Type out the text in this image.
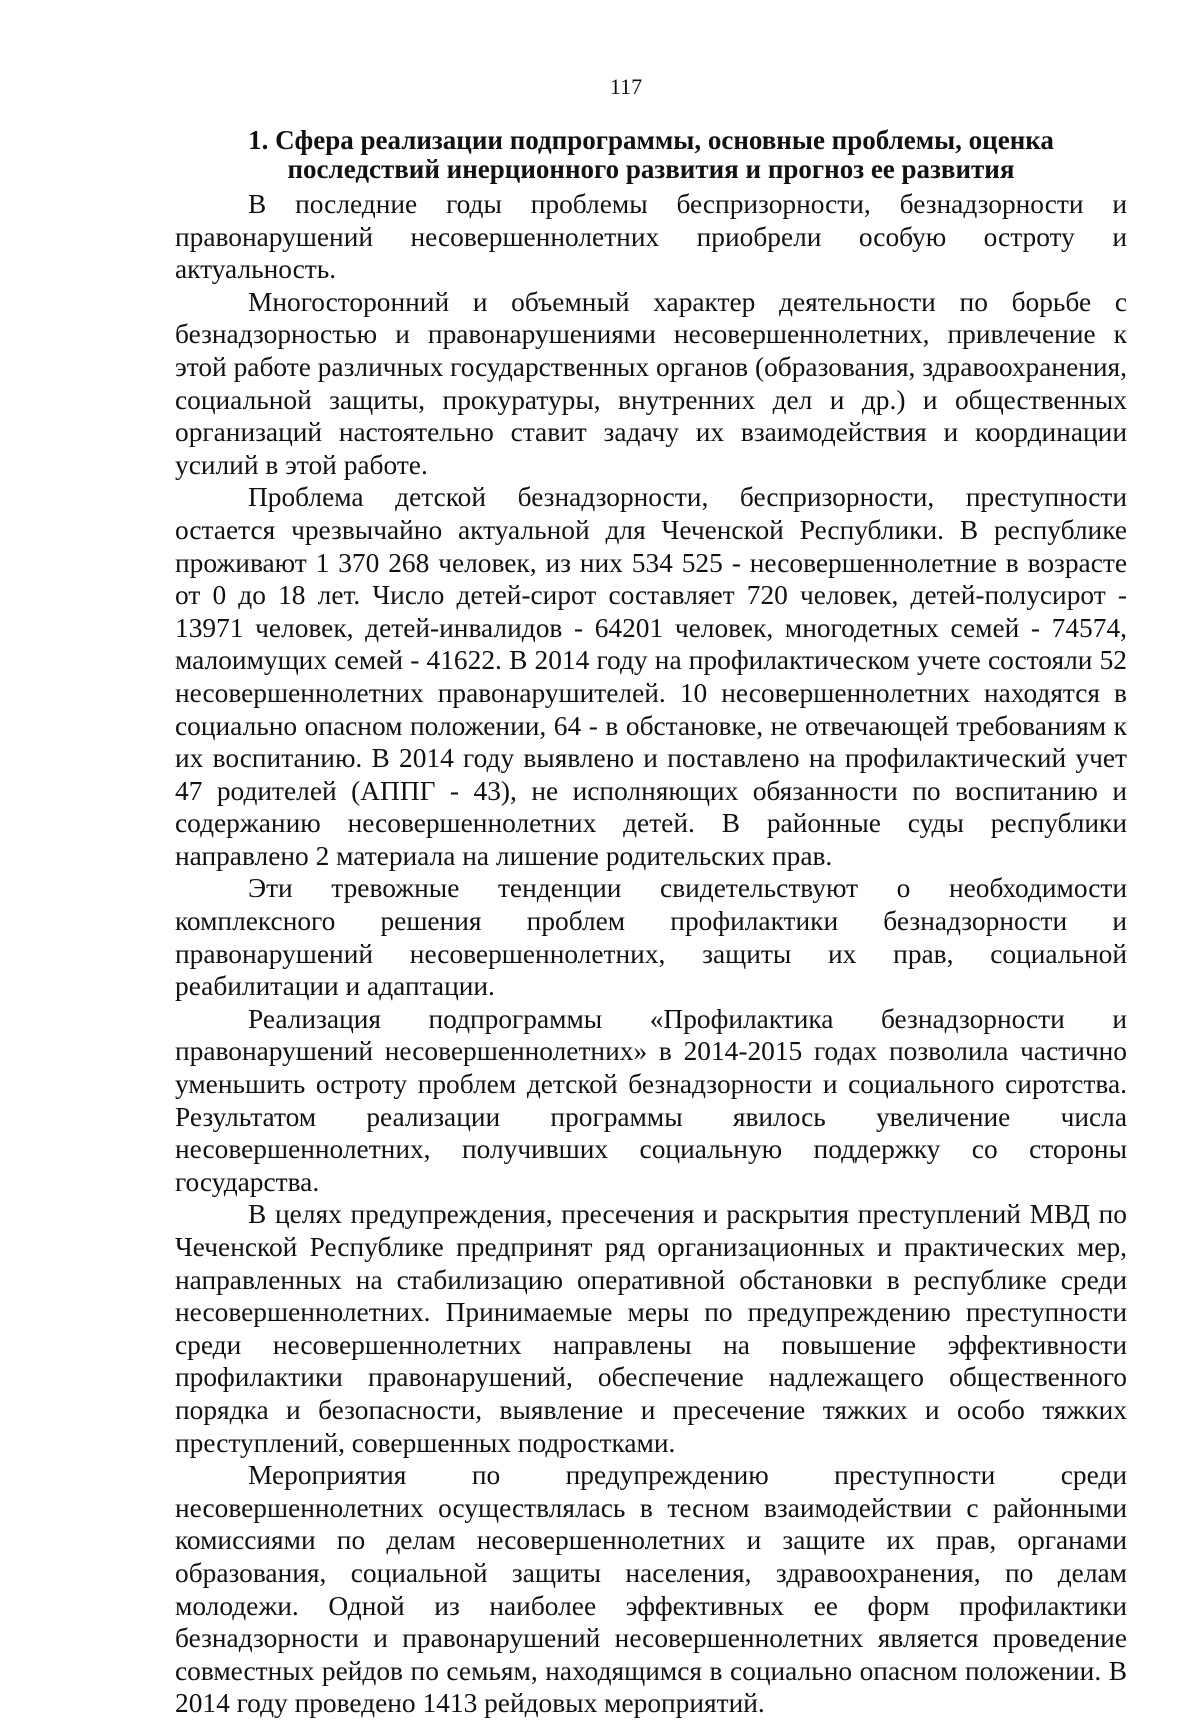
117
1. Сфера реализации подпрограммы, основные проблемы, оценка
последствий инерционного развития и прогноз ее развития

В последние годы проблемы беспризорности, безнадзорности и правонарушений несовершеннолетних приобрели особую остроту и актуальность.

Многосторонний и объемный характер деятельности по борьбе с безнадзорностью и правонарушениями несовершеннолетних, привлечение к этой работе различных государственных органов (образования, здравоохранения, социальной защиты, прокуратуры, внутренних дел и др.) и общественных организаций настоятельно ставит задачу их взаимодействия и координации усилий в этой работе.

Проблема детской безнадзорности, беспризорности, преступности остается чрезвычайно актуальной для Чеченской Республики. В республике проживают 1 370 268 человек, из них 534 525 - несовершеннолетние в возрасте от 0 до 18 лет. Число детей-сирот составляет 720 человек, детей-полусирот - 13971 человек, детей-инвалидов - 64201 человек, многодетных семей - 74574, малоимущих семей - 41622. В 2014 году на профилактическом учете состояли 52 несовершеннолетних правонарушителей. 10 несовершеннолетних находятся в социально опасном положении, 64 - в обстановке, не отвечающей требованиям к их воспитанию. В 2014 году выявлено и поставлено на профилактический учет 47 родителей (АППГ - 43), не исполняющих обязанности по воспитанию и содержанию несовершеннолетних детей. В районные суды республики направлено 2 материала на лишение родительских прав.

Эти тревожные тенденции свидетельствуют о необходимости комплексного решения проблем профилактики безнадзорности и правонарушений несовершеннолетних, защиты их прав, социальной реабилитации и адаптации.

Реализация подпрограммы «Профилактика безнадзорности и правонарушений несовершеннолетних» в 2014-2015 годах позволила частично уменьшить остроту проблем детской безнадзорности и социального сиротства. Результатом реализации программы явилось увеличение числа несовершеннолетних, получивших социальную поддержку со стороны государства.

В целях предупреждения, пресечения и раскрытия преступлений МВД по Чеченской Республике предпринят ряд организационных и практических мер, направленных на стабилизацию оперативной обстановки в республике среди несовершеннолетних. Принимаемые меры по предупреждению преступности среди несовершеннолетних направлены на повышение эффективности профилактики правонарушений, обеспечение надлежащего общественного порядка и безопасности, выявление и пресечение тяжких и особо тяжких преступлений, совершенных подростками.

Мероприятия по предупреждению преступности среди несовершеннолетних осуществлялась в тесном взаимодействии с районными комиссиями по делам несовершеннолетних и защите их прав, органами образования, социальной защиты населения, здравоохранения, по делам молодежи. Одной из наиболее эффективных ее форм профилактики безнадзорности и правонарушений несовершеннолетних является проведение совместных рейдов по семьям, находящимся в социально опасном положении. В 2014 году проведено 1413 рейдовых мероприятий.
